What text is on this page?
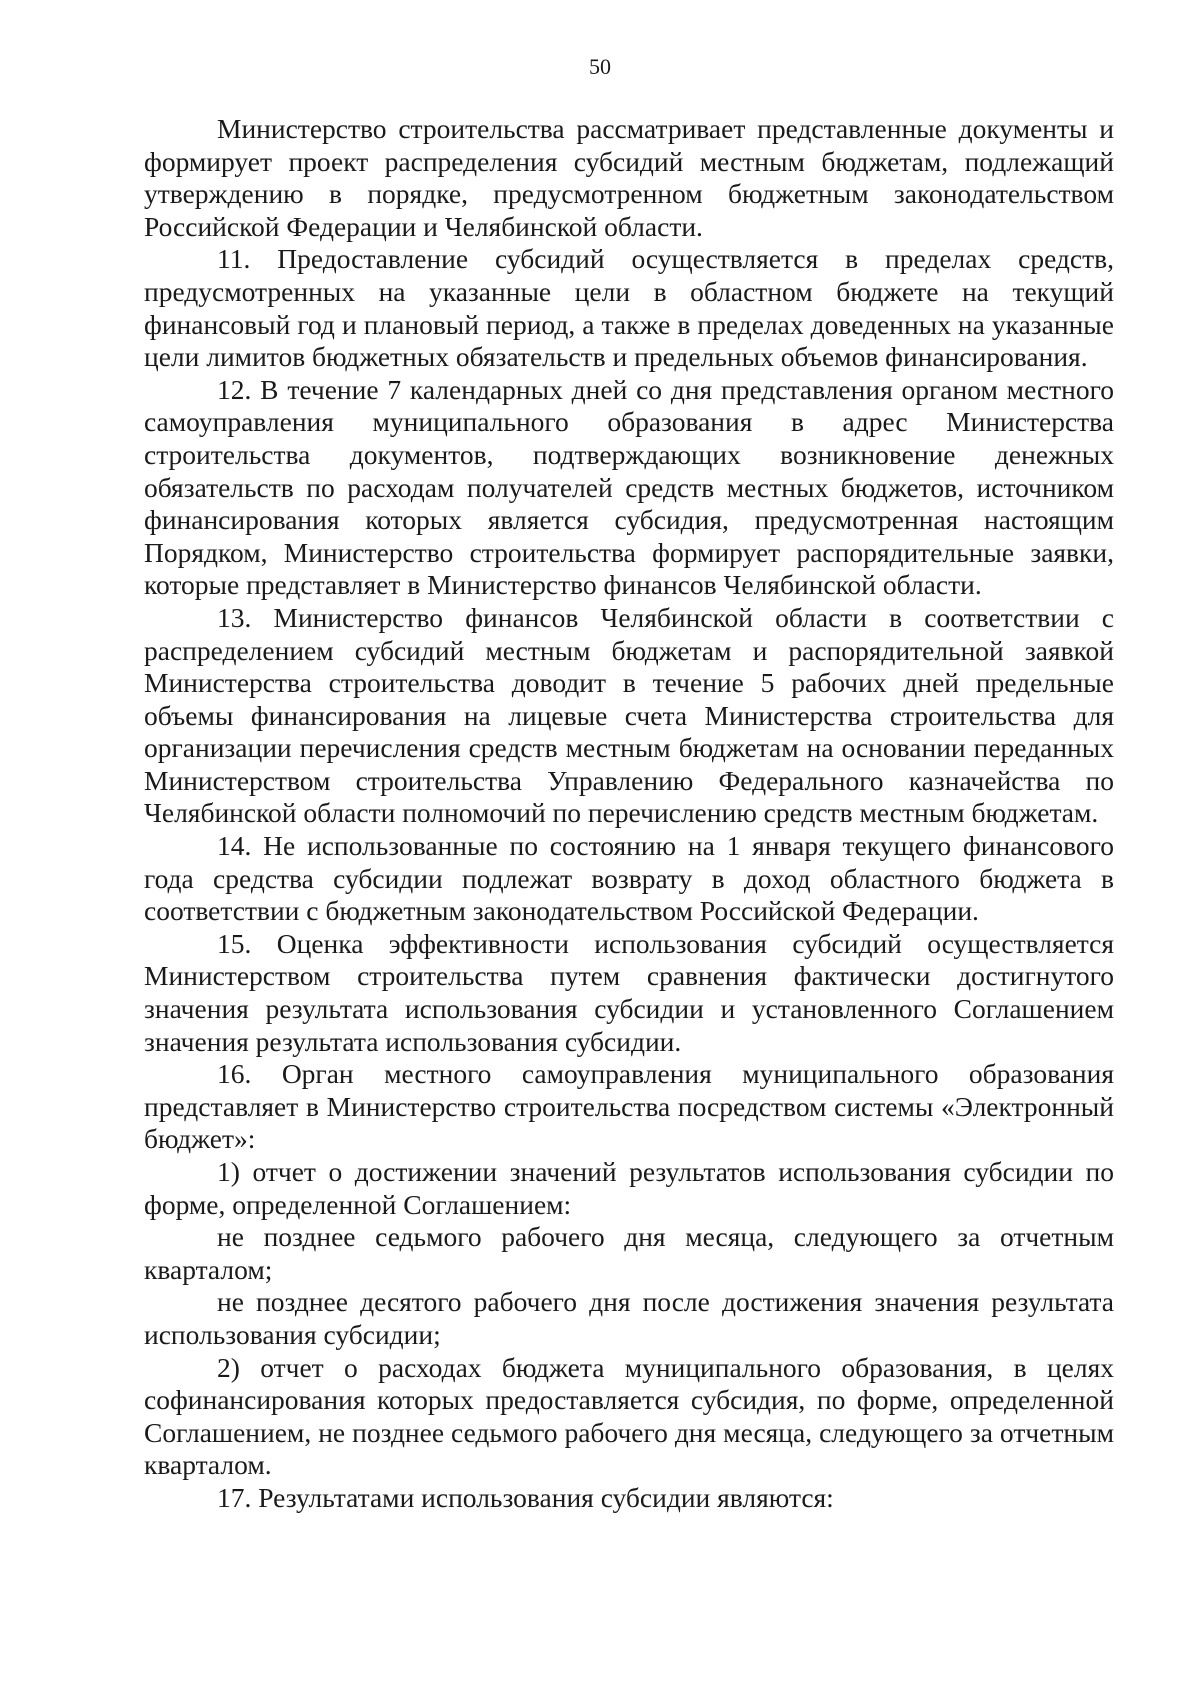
50

Министерство строительства рассматривает представленные документы и формирует проект распределения субсидий местным бюджетам, подлежащий утверждению в порядке, предусмотренном бюджетным законодательством Российской Федерации и Челябинской области.

11. Предоставление субсидий осуществляется в пределах средств, предусмотренных на указанные цели в областном бюджете на текущий финансовый год и плановый период, а также в пределах доведенных на указанные цели лимитов бюджетных обязательств и предельных объемов финансирования.

12. В течение 7 календарных дней со дня представления органом местного самоуправления муниципального образования в адрес Министерства строительства документов, подтверждающих возникновение денежных обязательств по расходам получателей средств местных бюджетов, источником финансирования которых является субсидия, предусмотренная настоящим Порядком, Министерство строительства формирует распорядительные заявки, которые представляет в Министерство финансов Челябинской области.

13. Министерство финансов Челябинской области в соответствии с распределением субсидий местным бюджетам и распорядительной заявкой Министерства строительства доводит в течение 5 рабочих дней предельные объемы финансирования на лицевые счета Министерства строительства для организации перечисления средств местным бюджетам на основании переданных Министерством строительства Управлению Федерального казначейства по Челябинской области полномочий по перечислению средств местным бюджетам.

14. Не использованные по состоянию на 1 января текущего финансового года средства субсидии подлежат возврату в доход областного бюджета в соответствии с бюджетным законодательством Российской Федерации.

15. Оценка эффективности использования субсидий осуществляется Министерством строительства путем сравнения фактически достигнутого значения результата использования субсидии и установленного Соглашением значения результата использования субсидии.

16. Орган местного самоуправления муниципального образования представляет в Министерство строительства посредством системы «Электронный бюджет»:

1) отчет о достижении значений результатов использования субсидии по форме, определенной Соглашением:

не позднее седьмого рабочего дня месяца, следующего за отчетным кварталом;

не позднее десятого рабочего дня после достижения значения результата использования субсидии;

2) отчет о расходах бюджета муниципального образования, в целях софинансирования которых предоставляется субсидия, по форме, определенной Соглашением, не позднее седьмого рабочего дня месяца, следующего за отчетным кварталом.

17. Результатами использования субсидии являются:
